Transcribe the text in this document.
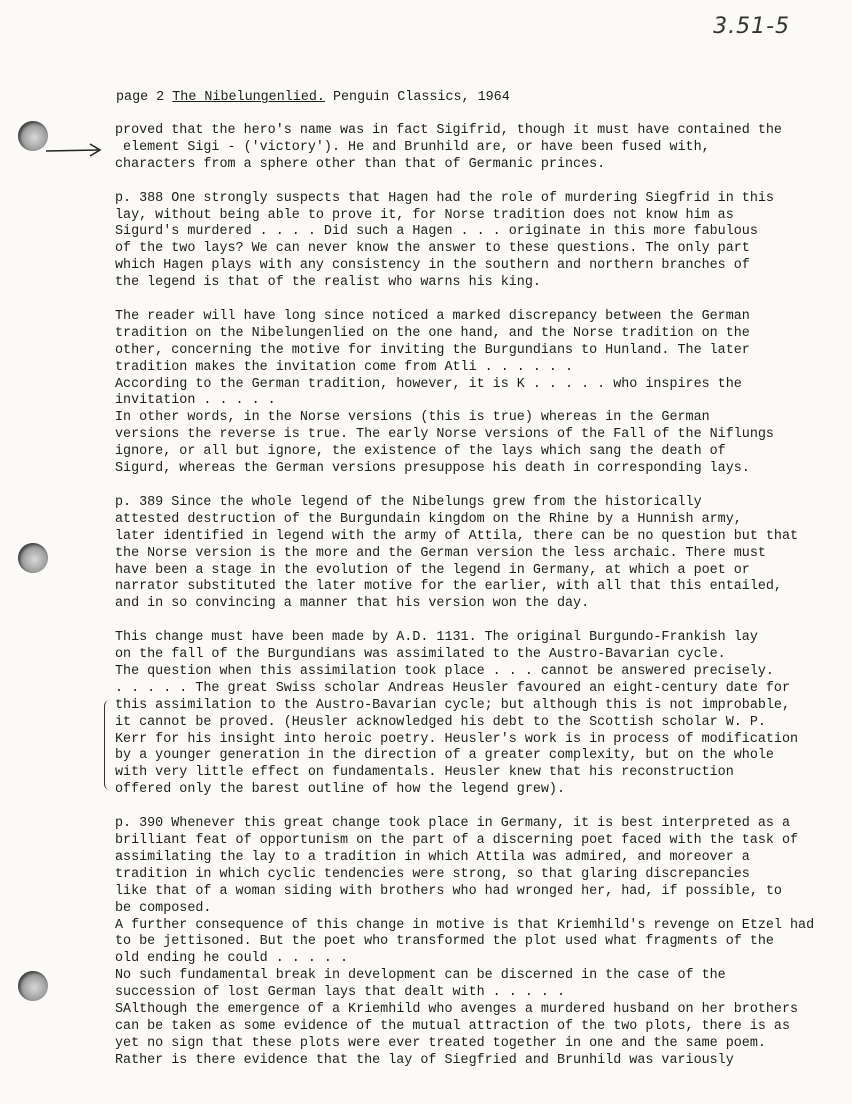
3.51-5
page 2 The Nibelungenlied. Penguin Classics, 1964
proved that the hero's name was in fact Sigifrid, though it must have contained the
element Sigi - ('victory'). He and Brunhild are, or have been fused with,
characters from a sphere other than that of Germanic princes.
p. 388 One strongly suspects that Hagen had the role of murdering Siegfrid in this
lay, without being able to prove it, for Norse tradition does not know him as
Sigurd's murdered . . . . Did such a Hagen . . . originate in this more fabulous
of the two lays? We can never know the answer to these questions. The only part
which Hagen plays with any consistency in the southern and northern branches of
the legend is that of the realist who warns his king.
The reader will have long since noticed a marked discrepancy between the German
tradition on the Nibelungenlied on the one hand, and the Norse tradition on the
other, concerning the motive for inviting the Burgundians to Hunland. The later
tradition makes the invitation come from Atli . . . . . .
According to the German tradition, however, it is K . . . . . who inspires the
invitation . . . . .
In other words, in the Norse versions (this is true) whereas in the German
versions the reverse is true. The early Norse versions of the Fall of the Niflungs
ignore, or all but ignore, the existence of the lays which sang the death of
Sigurd, whereas the German versions presuppose his death in corresponding lays.
p. 389 Since the whole legend of the Nibelungs grew from the historically
attested destruction of the Burgundain kingdom on the Rhine by a Hunnish army,
later identified in legend with the army of Attila, there can be no question but that
the Norse version is the more and the German version the less archaic. There must
have been a stage in the evolution of the legend in Germany, at which a poet or
narrator substituted the later motive for the earlier, with all that this entailed,
and in so convincing a manner that his version won the day.
This change must have been made by A.D. 1131. The original Burgundo-Frankish lay
on the fall of the Burgundians was assimilated to the Austro-Bavarian cycle.
The question when this assimilation took place . . . cannot be answered precisely.
. . . . . The great Swiss scholar Andreas Heusler favoured an eight-century date for
this assimilation to the Austro-Bavarian cycle; but although this is not improbable,
it cannot be proved. (Heusler acknowledged his debt to the Scottish scholar W. P.
Kerr for his insight into heroic poetry. Heusler's work is in process of modification
by a younger generation in the direction of a greater complexity, but on the whole
with very little effect on fundamentals. Heusler knew that his reconstruction
offered only the barest outline of how the legend grew).
p. 390 Whenever this great change took place in Germany, it is best interpreted as a
brilliant feat of opportunism on the part of a discerning poet faced with the task of
assimilating the lay to a tradition in which Attila was admired, and moreover a
tradition in which cyclic tendencies were strong, so that glaring discrepancies
like that of a woman siding with brothers who had wronged her, had, if possible, to
be composed.
A further consequence of this change in motive is that Kriemhild's revenge on Etzel had
to be jettisoned. But the poet who transformed the plot used what fragments of the
old ending he could . . . . .
No such fundamental break in development can be discerned in the case of the
succession of lost German lays that dealt with . . . . .
SAlthough the emergence of a Kriemhild who avenges a murdered husband on her brothers
can be taken as some evidence of the mutual attraction of the two plots, there is as
yet no sign that these plots were ever treated together in one and the same poem.
Rather is there evidence that the lay of Siegfried and Brunhild was variously
